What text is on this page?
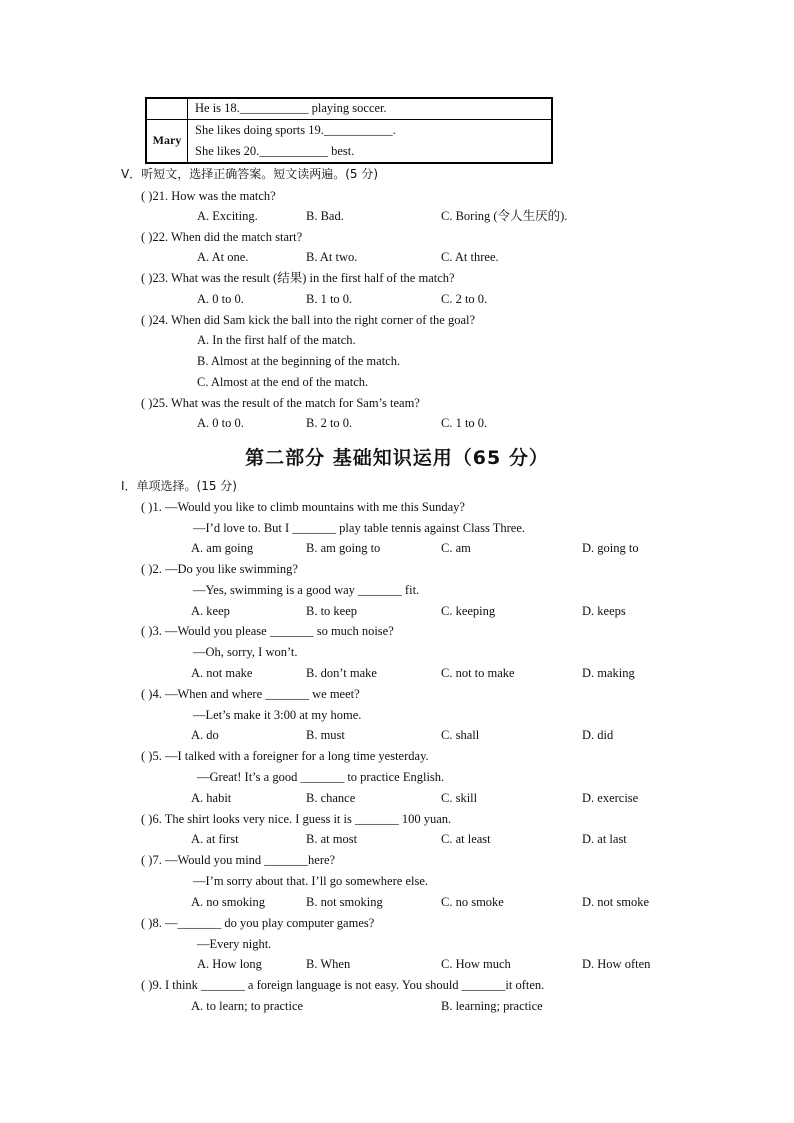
	He is 18.___________ playing soccer.
Mary	She likes doing sports 19.___________.
She likes 20.___________ best.
V．听短文，选择正确答案。短文读两遍。(5 分)
( )21. How was the match?
A. Exciting.	B. Bad.	C. Boring (令人生厌的).
( )22. When did the match start?
A. At one.	B. At two.	C. At three.
( )23. What was the result (结果) in the first half of the match?
A. 0 to 0.	B. 1 to 0.	C. 2 to 0.
( )24. When did Sam kick the ball into the right corner of the goal?
A. In the first half of the match.
B. Almost at the beginning of the match.
C. Almost at the end of the match.
( )25. What was the result of the match for Sam’s team?
A. 0 to 0.	B. 2 to 0.	C. 1 to 0.
第二部分 基础知识运用（65 分）
I．单项选择。(15 分)
( )1. —Would you like to climb mountains with me this Sunday?
—I’d love to. But I _______ play table tennis against Class Three.
A. am going	B. am going to	C. am	D. going to
( )2. —Do you like swimming?
—Yes, swimming is a good way _______ fit.
A. keep	B. to keep	C. keeping	D. keeps
( )3. —Would you please _______ so much noise?
—Oh, sorry, I won’t.
A. not make	B. don’t make	C. not to make	D. making
( )4. —When and where _______ we meet?
—Let’s make it 3:00 at my home.
A. do	B. must	C. shall	D. did
( )5. —I talked with a foreigner for a long time yesterday.
—Great! It’s a good _______ to practice English.
A. habit	B. chance	C. skill	D. exercise
( )6. The shirt looks very nice. I guess it is _______ 100 yuan.
A. at first	B. at most	C. at least	D. at last
( )7. —Would you mind _______here?
—I’m sorry about that. I’ll go somewhere else.
A. no smoking	B. not smoking	C. no smoke	D. not smoke
( )8. —_______ do you play computer games?
—Every night.
A. How long	B. When	C. How much	D. How often
( )9. I think _______ a foreign language is not easy. You should _______it often.
A. to learn; to practice	B. learning; practice
